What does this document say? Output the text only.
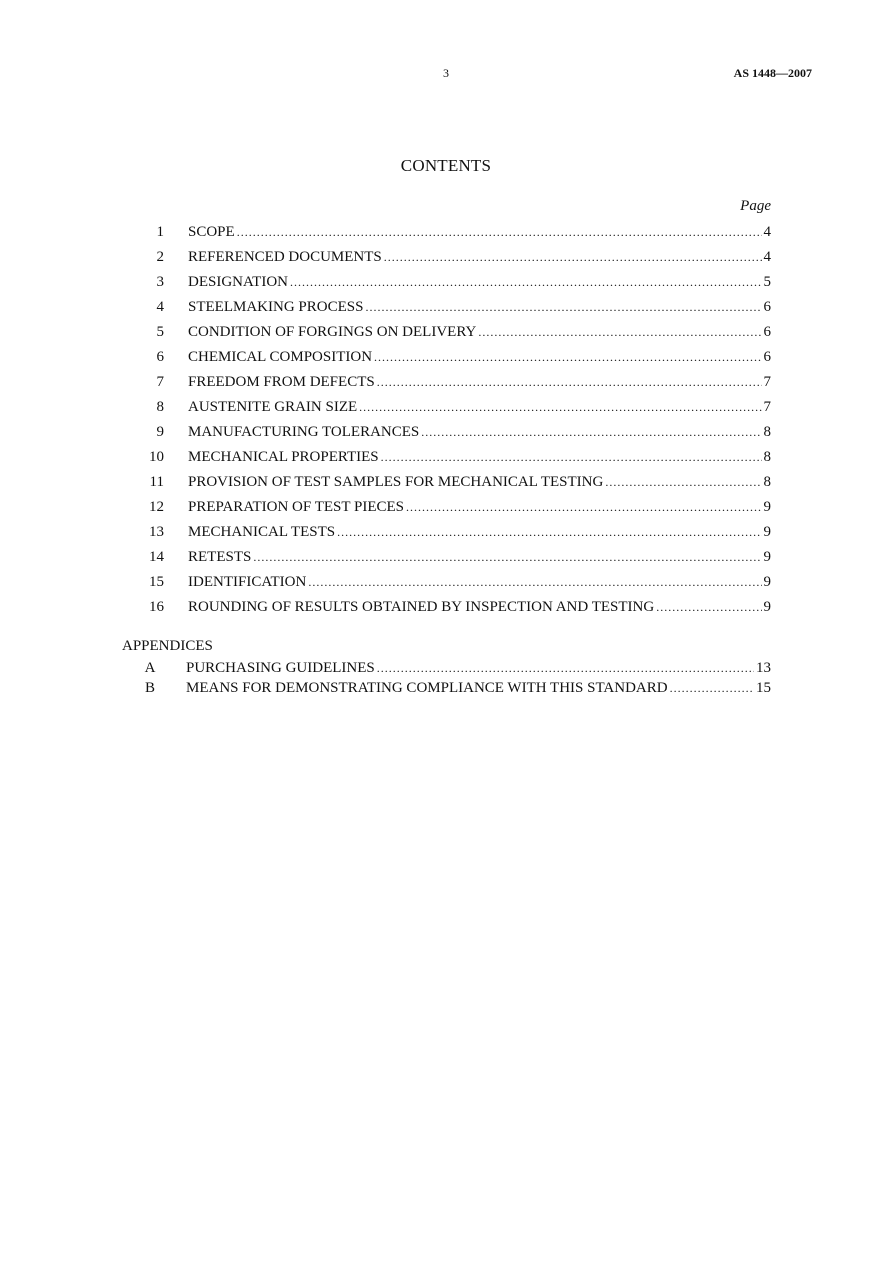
3	AS 1448—2007
CONTENTS
Page
1 SCOPE .....	4
2 REFERENCED DOCUMENTS .....	4
3 DESIGNATION .....	5
4 STEELMAKING PROCESS .....	6
5 CONDITION OF FORGINGS ON DELIVERY .....	6
6 CHEMICAL COMPOSITION .....	6
7 FREEDOM FROM DEFECTS .....	7
8 AUSTENITE GRAIN SIZE .....	7
9 MANUFACTURING TOLERANCES .....	8
10 MECHANICAL PROPERTIES .....	8
11 PROVISION OF TEST SAMPLES FOR MECHANICAL TESTING .....	8
12 PREPARATION OF TEST PIECES .....	9
13 MECHANICAL TESTS .....	9
14 RETESTS .....	9
15 IDENTIFICATION .....	9
16 ROUNDING OF RESULTS OBTAINED BY INSPECTION AND TESTING .....	9
APPENDICES
A	PURCHASING GUIDELINES .....	13
B	MEANS FOR DEMONSTRATING COMPLIANCE WITH THIS STANDARD .....	15
